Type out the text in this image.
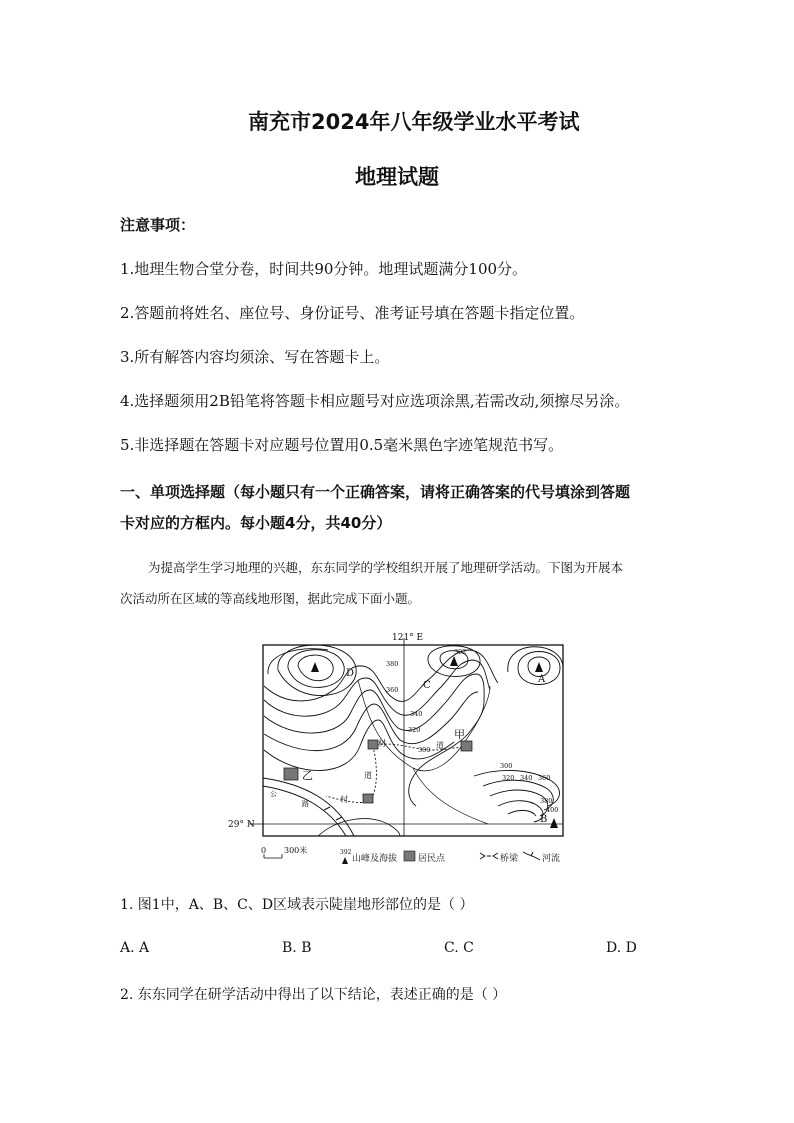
南充市2024年八年级学业水平考试
地理试题
注意事项：
1.地理生物合堂分卷，时间共90分钟。地理试题满分100分。
2.答题前将姓名、座位号、身份证号、准考证号填在答题卡指定位置。
3.所有解答内容均须涂、写在答题卡上。
4.选择题须用2B铅笔将答题卡相应题号对应选项涂黑,若需改动,须擦尽另涂。
5.非选择题在答题卡对应题号位置用0.5毫米黑色字迹笔规范书写。
一、单项选择题（每小题只有一个正确答案，请将正确答案的代号填涂到答题
卡对应的方框内。每小题4分，共40分）
为提高学生学习地理的兴趣，东东同学的学校组织开展了地理研学活动。下图为开展本
次活动所在区域的等高线地形图，据此完成下面小题。
121° E
29° N
A
B
C
D
甲
乙
村	道
道
村
公
路
392
400
380
360
340
320
300
300
320 340 360
380
0 300米	392
山峰及海拔 居民点	桥梁	河流
1. 图1中，A、B、C、D区域表示陡崖地形部位的是（ ）
A. A	B. B	C. C	D. D
2. 东东同学在研学活动中得出了以下结论，表述正确的是（ ）
